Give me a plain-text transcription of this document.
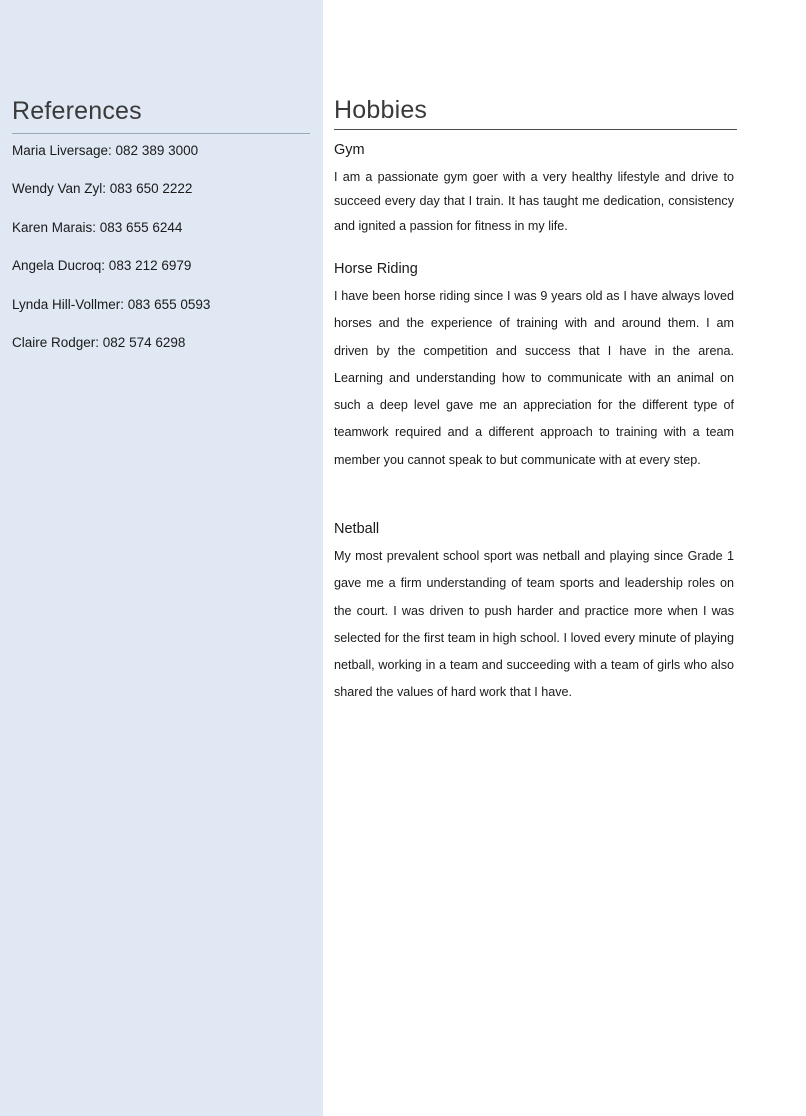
References
Maria Liversage: 082 389 3000
Wendy Van Zyl: 083 650 2222
Karen Marais: 083 655 6244
Angela Ducroq: 083 212 6979
Lynda Hill-Vollmer: 083 655 0593
Claire Rodger: 082 574 6298
Hobbies
Gym

I am a passionate gym goer with a very healthy lifestyle and drive to succeed every day that I train. It has taught me dedication, consistency and ignited a passion for fitness in my life.

Horse Riding

I have been horse riding since I was 9 years old as I have always loved horses and the experience of training with and around them. I am driven by the competition and success that I have in the arena. Learning and understanding how to communicate with an animal on such a deep level gave me an appreciation for the different type of teamwork required and a different approach to training with a team member you cannot speak to but communicate with at every step.

Netball

My most prevalent school sport was netball and playing since Grade 1 gave me a firm understanding of team sports and leadership roles on the court. I was driven to push harder and practice more when I was selected for the first team in high school. I loved every minute of playing netball, working in a team and succeeding with a team of girls who also shared the values of hard work that I have.
